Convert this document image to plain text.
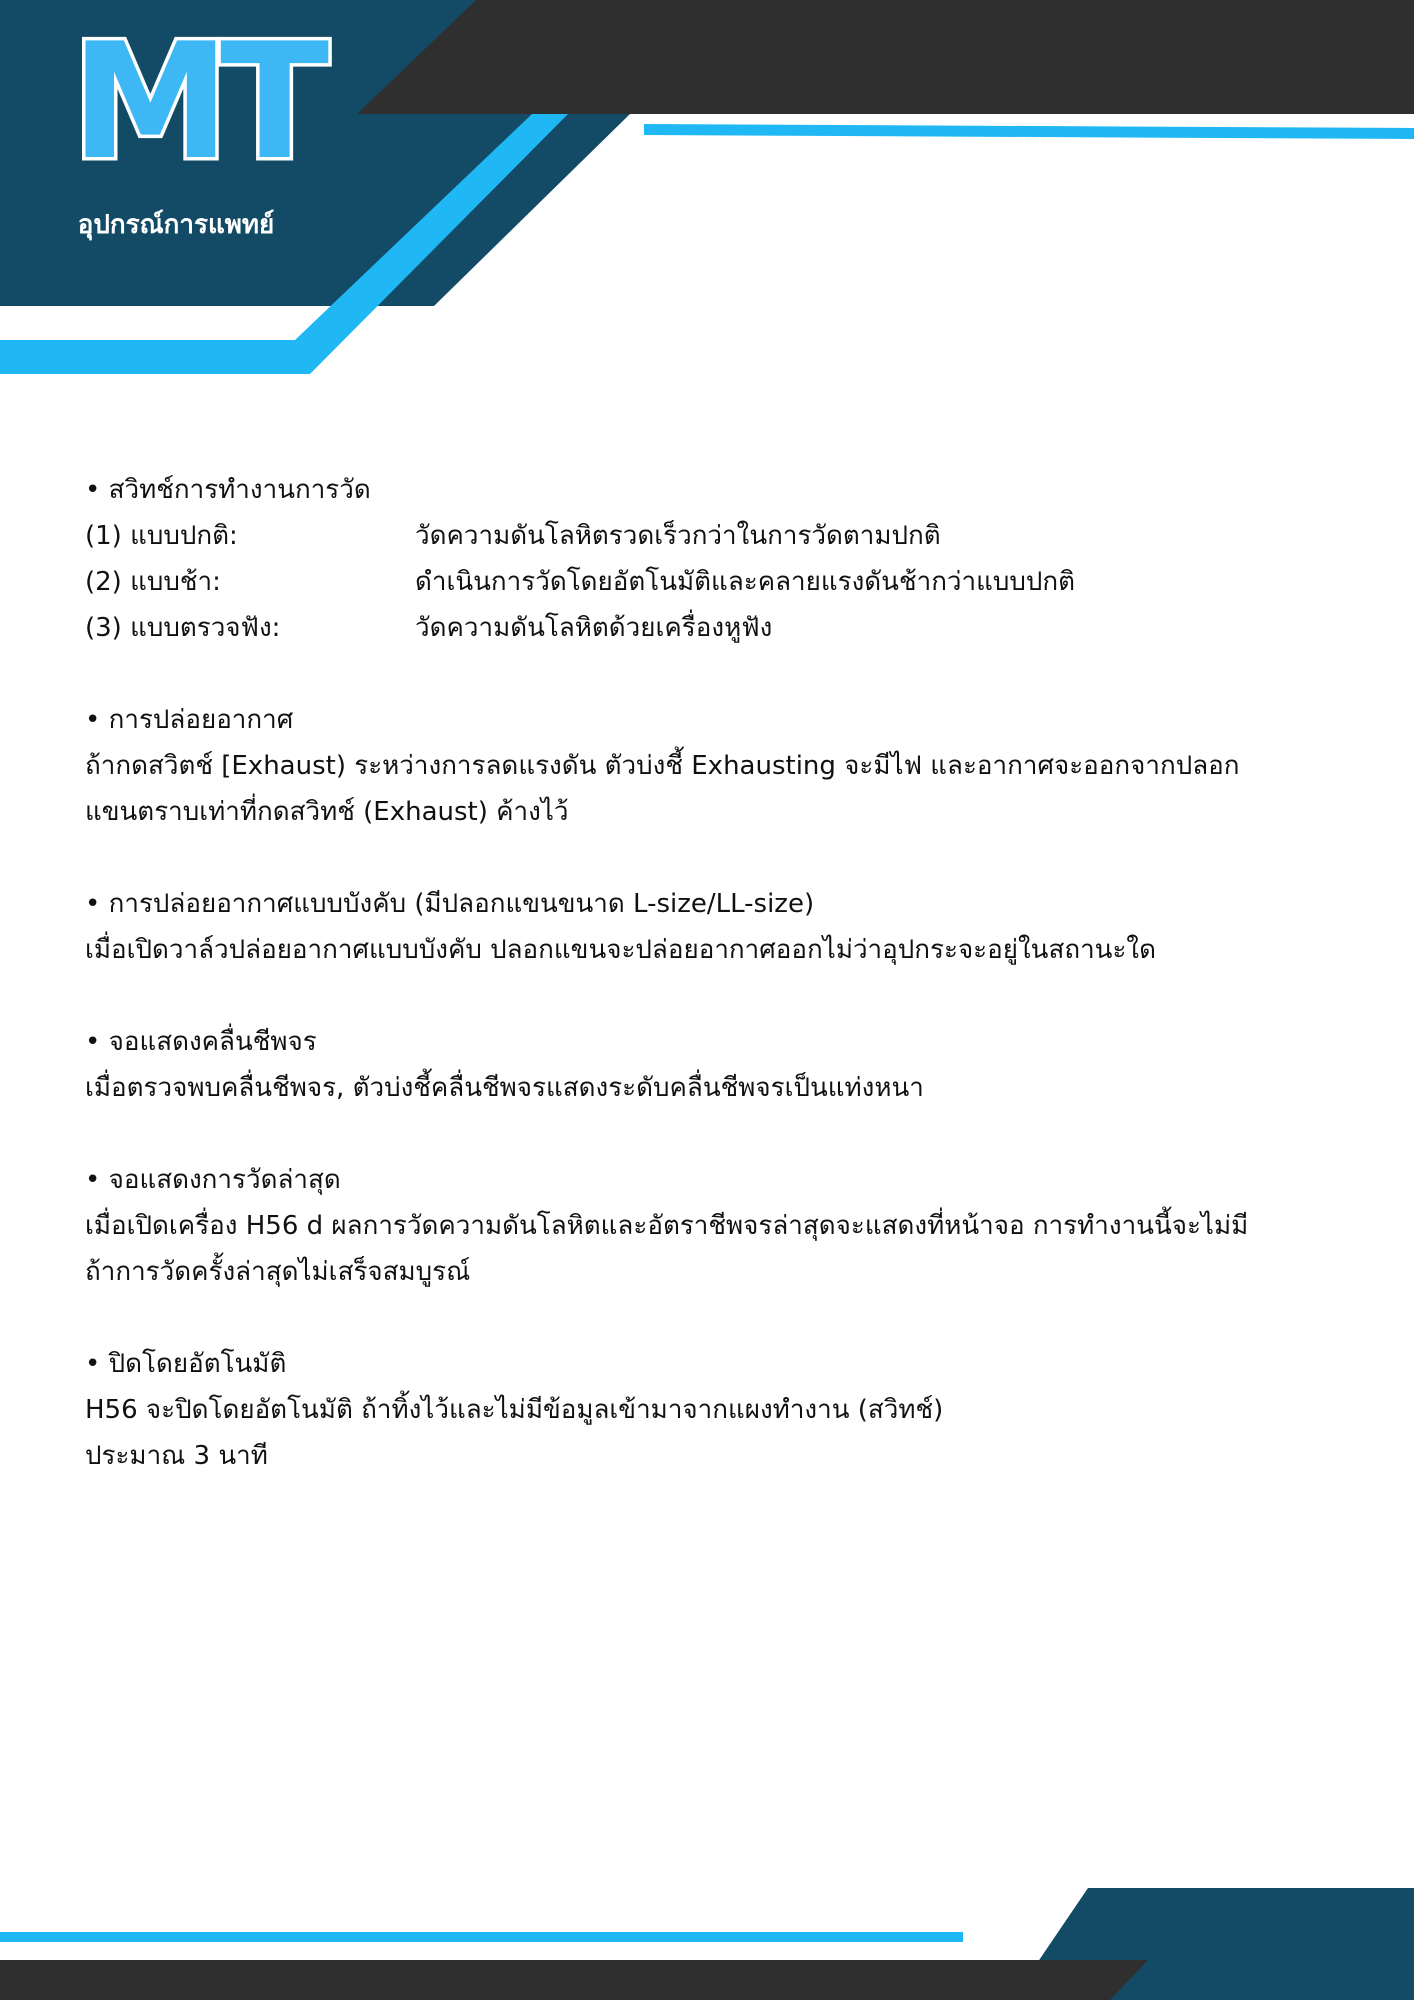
MT
อุปกรณ์การแพทย์
• สวิทช์การทำงานการวัด
(1) แบบปกติ:	วัดความดันโลหิตรวดเร็วกว่าในการวัดตามปกติ
(2) แบบช้า:	ดำเนินการวัดโดยอัตโนมัติและคลายแรงดันช้ากว่าแบบปกติ
(3) แบบตรวจฟัง:	วัดความดันโลหิตด้วยเครื่องหูฟัง
• การปล่อยอากาศ
ถ้ากดสวิตช์ [Exhaust) ระหว่างการลดแรงดัน ตัวบ่งชี้ Exhausting จะมีไฟ และอากาศจะออกจากปลอก
แขนตราบเท่าที่กดสวิทช์ (Exhaust) ค้างไว้
• การปล่อยอากาศแบบบังคับ (มีปลอกแขนขนาด L-size/LL-size)
เมื่อเปิดวาล์วปล่อยอากาศแบบบังคับ ปลอกแขนจะปล่อยอากาศออกไม่ว่าอุปกระจะอยู่ในสถานะใด
• จอแสดงคลื่นชีพจร
เมื่อตรวจพบคลื่นชีพจร, ตัวบ่งชี้คลื่นชีพจรแสดงระดับคลื่นชีพจรเป็นแท่งหนา
• จอแสดงการวัดล่าสุด
เมื่อเปิดเครื่อง H56 d ผลการวัดความดันโลหิตและอัตราชีพจรล่าสุดจะแสดงที่หน้าจอ การทำงานนี้จะไม่มี
ถ้าการวัดครั้งล่าสุดไม่เสร็จสมบูรณ์
• ปิดโดยอัตโนมัติ
H56 จะปิดโดยอัตโนมัติ ถ้าทิ้งไว้และไม่มีข้อมูลเข้ามาจากแผงทำงาน (สวิทช์)
ประมาณ 3 นาที
